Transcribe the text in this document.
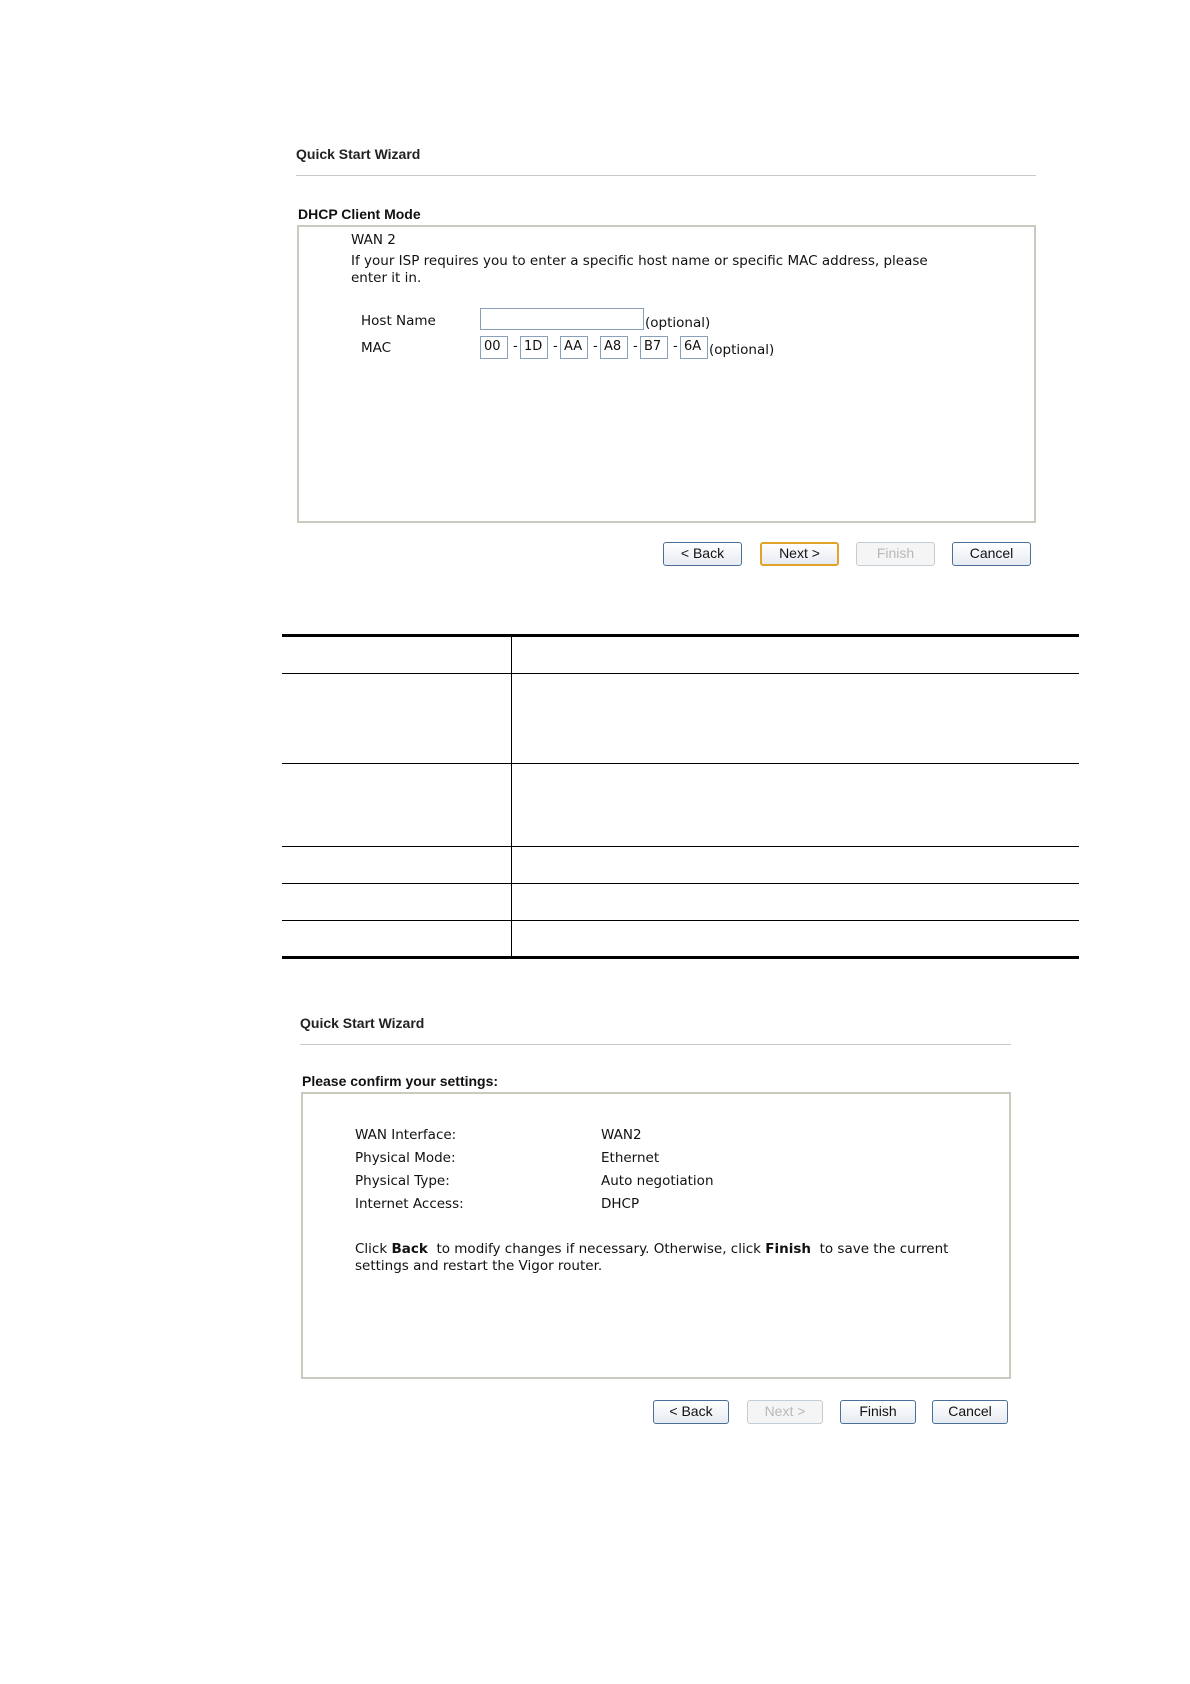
Quick Start Wizard
DHCP Client Mode
WAN 2
If your ISP requires you to enter a specific host name or specific MAC address, please
enter it in.
Host Name	(optional)
MAC	00 - 1D - AA - A8 - B7 - 6A (optional)
< Back	Next >	Finish	Cancel
Quick Start Wizard
Please confirm your settings:
WAN Interface:	WAN2
Physical Mode:	Ethernet
Physical Type:	Auto negotiation
Internet Access:	DHCP
Click Back  to modify changes if necessary. Otherwise, click Finish  to save the current
settings and restart the Vigor router.
< Back	Next >	Finish	Cancel
